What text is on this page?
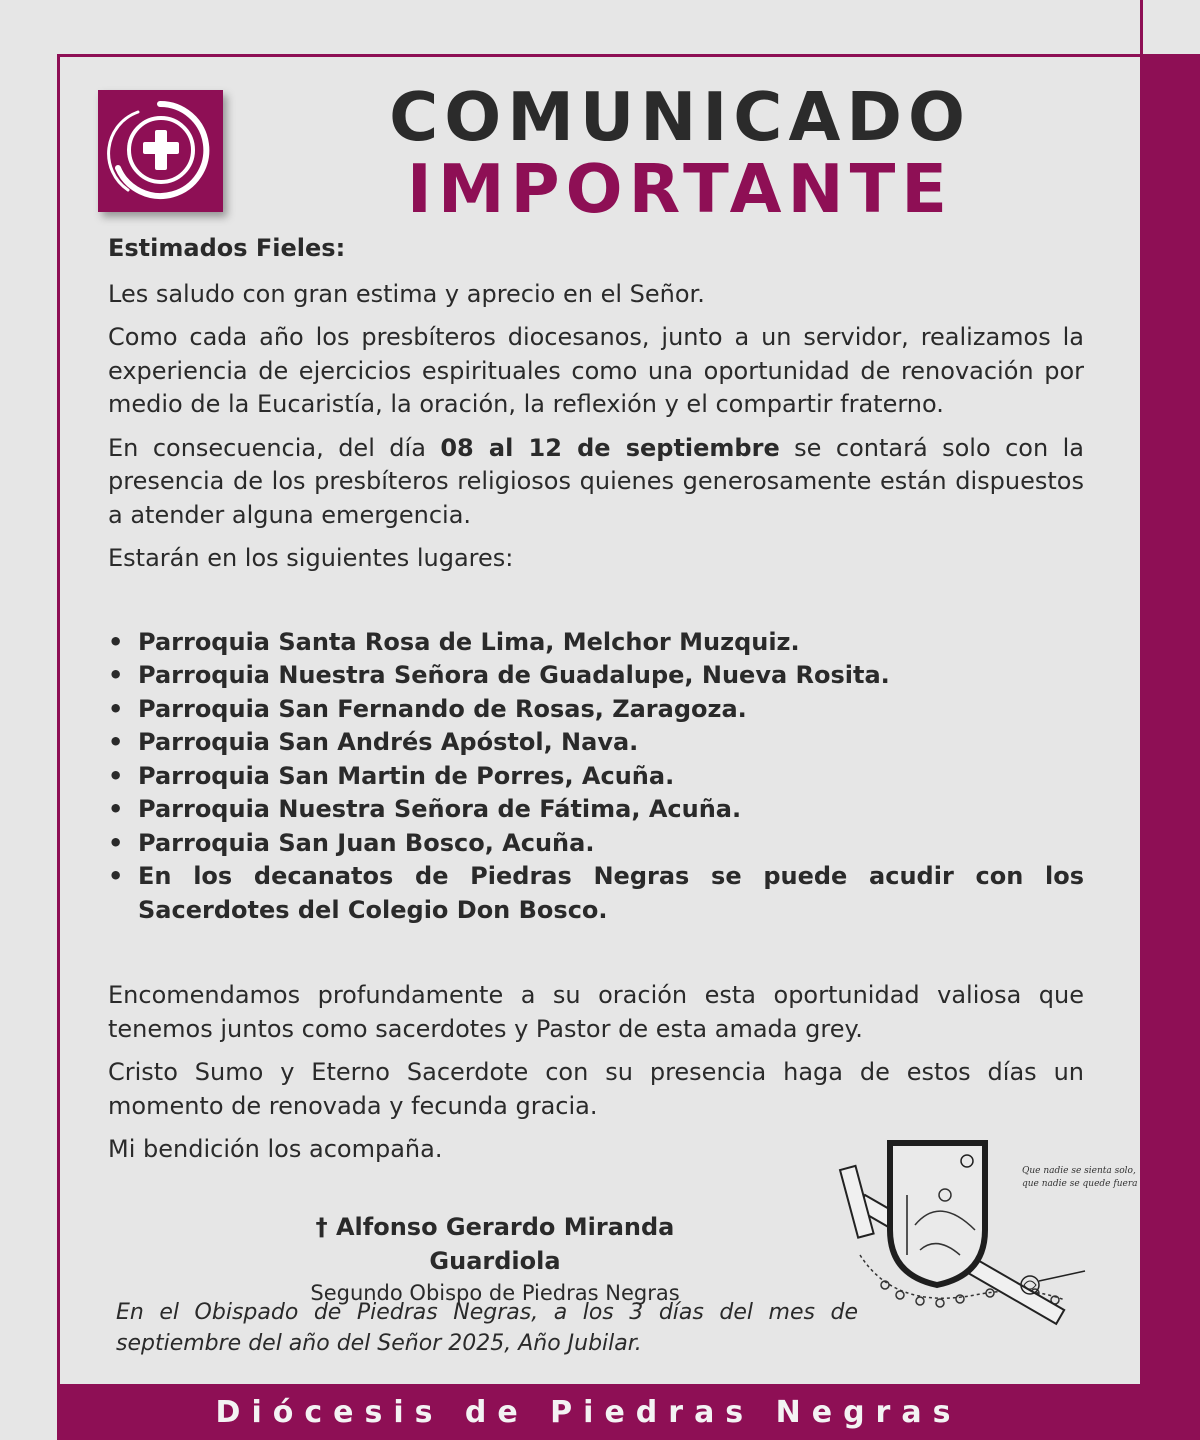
COMUNICADO
IMPORTANTE

Estimados Fieles:

Les saludo con gran estima y aprecio en el Señor.

Como cada año los presbíteros diocesanos, junto a un servidor, realizamos la experiencia de ejercicios espirituales como una oportunidad de renovación por medio de la Eucaristía, la oración, la reflexión y el compartir fraterno.

En consecuencia, del día 08 al 12 de septiembre se contará solo con la presencia de los presbíteros religiosos quienes generosamente están dispuestos a atender alguna emergencia.

Estarán en los siguientes lugares:

• Parroquia Santa Rosa de Lima, Melchor Muzquiz.
• Parroquia Nuestra Señora de Guadalupe, Nueva Rosita.
• Parroquia San Fernando de Rosas, Zaragoza.
• Parroquia San Andrés Apóstol, Nava.
• Parroquia San Martin de Porres, Acuña.
• Parroquia Nuestra Señora de Fátima, Acuña.
• Parroquia San Juan Bosco, Acuña.
• En los decanatos de Piedras Negras se puede acudir con los Sacerdotes del Colegio Don Bosco.

Encomendamos profundamente a su oración esta oportunidad valiosa que tenemos juntos como sacerdotes y Pastor de esta amada grey.

Cristo Sumo y Eterno Sacerdote con su presencia haga de estos días un momento de renovada y fecunda gracia.

Mi bendición los acompaña.

† Alfonso Gerardo Miranda Guardiola
Segundo Obispo de Piedras Negras
En el Obispado de Piedras Negras, a los 3 días del mes de septiembre del año del Señor 2025, Año Jubilar.
Que nadie se sienta solo,
que nadie se quede fuera
Diócesis de Piedras Negras
